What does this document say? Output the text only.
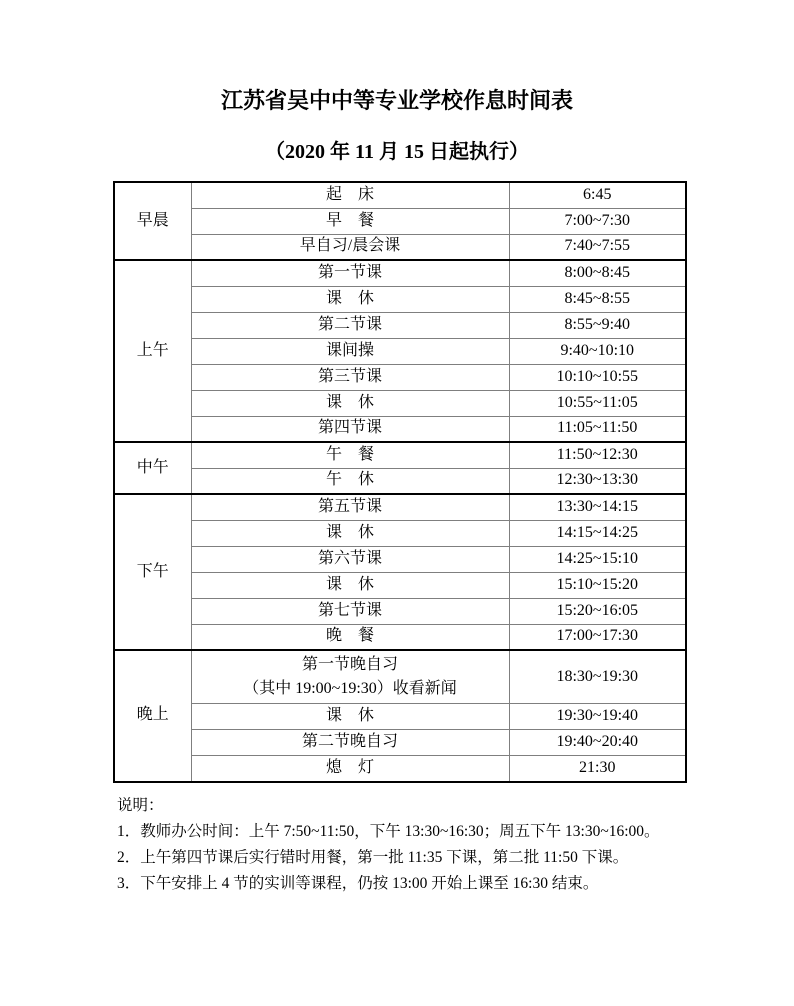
江苏省吴中中等专业学校作息时间表
（2020 年 11 月 15 日起执行）
早晨	起　床	6:45
	早　餐	7:00~7:30
	早自习/晨会课	7:40~7:55
上午	第一节课	8:00~8:45
	课　休	8:45~8:55
	第二节课	8:55~9:40
	课间操	9:40~10:10
	第三节课	10:10~10:55
	课　休	10:55~11:05
	第四节课	11:05~11:50
中午	午　餐	11:50~12:30
	午　休	12:30~13:30
下午	第五节课	13:30~14:15
	课　休	14:15~14:25
	第六节课	14:25~15:10
	课　休	15:10~15:20
	第七节课	15:20~16:05
	晚　餐	17:00~17:30
晚上	第一节晚自习
（其中 19:00~19:30）收看新闻	18:30~19:30
	课　休	19:30~19:40
	第二节晚自习	19:40~20:40
	熄　灯	21:30
说明：
1．教师办公时间：上午 7:50~11:50，下午 13:30~16:30；周五下午 13:30~16:00。
2．上午第四节课后实行错时用餐，第一批 11:35 下课，第二批 11:50 下课。
3．下午安排上 4 节的实训等课程，仍按 13:00 开始上课至 16:30 结束。
